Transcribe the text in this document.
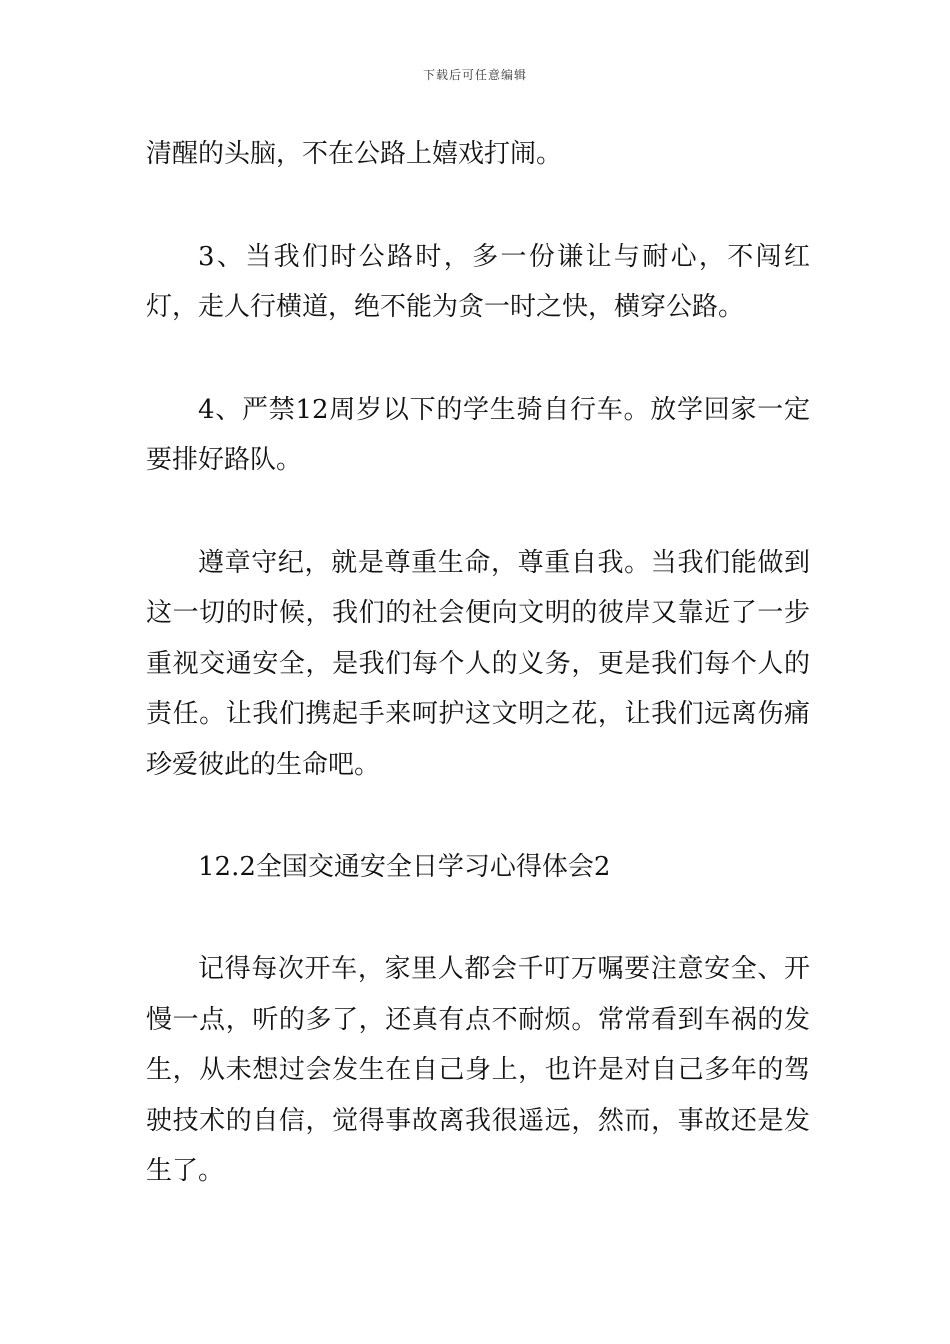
下载后可任意编辑

清醒的头脑，不在公路上嬉戏打闹。

3、当我们时公路时，多一份谦让与耐心，不闯红灯，走人行横道，绝不能为贪一时之快，横穿公路。

4、严禁12周岁以下的学生骑自行车。放学回家一定要排好路队。

遵章守纪，就是尊重生命，尊重自我。当我们能做到这一切的时候，我们的社会便向文明的彼岸又靠近了一步重视交通安全，是我们每个人的义务，更是我们每个人的责任。让我们携起手来呵护这文明之花，让我们远离伤痛珍爱彼此的生命吧。

12.2全国交通安全日学习心得体会2

记得每次开车，家里人都会千叮万嘱要注意安全、开慢一点，听的多了，还真有点不耐烦。常常看到车祸的发生，从未想过会发生在自己身上，也许是对自己多年的驾驶技术的自信，觉得事故离我很遥远，然而，事故还是发生了。
